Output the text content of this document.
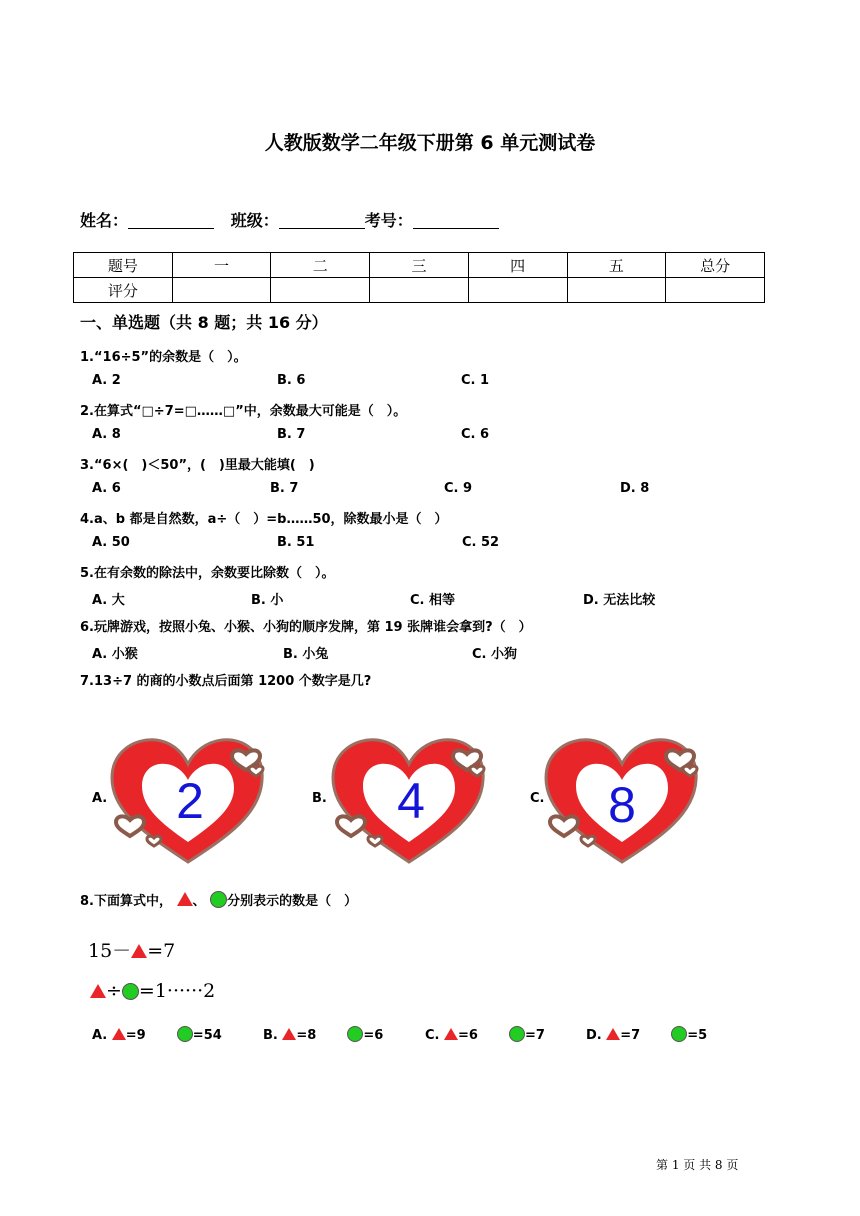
人教版数学二年级下册第 6 单元测试卷
姓名：	班级：	考号：
题号	一	二	三	四	五	总分
评分						
一、单选题（共 8 题；共 16 分）
1.“16÷5”的余数是（　）。
A. 2	B. 6	C. 1
2.在算式“□÷7=□……□”中，余数最大可能是（　）。
A. 8	B. 7	C. 6
3.“6×(　)＜50”，(　)里最大能填(　)
A. 6	B. 7	C. 9	D. 8
4.a、b 都是自然数，a÷（　）=b……50，除数最小是（　）
A. 50	B. 51	C. 52
5.在有余数的除法中，余数要比除数（　）。
A. 大	B. 小	C. 相等	D. 无法比较
6.玩牌游戏，按照小兔、小猴、小狗的顺序发牌，第 19 张牌谁会拿到?（　）
A. 小猴	B. 小兔	C. 小狗
7.13÷7 的商的小数点后面第 1200 个数字是几?
A. 2	B. 4	C. 8
8.下面算式中， 、 分别表示的数是（　）
15－ =7
÷ =1······2
A. =9	=54	B. =8	=6	C. =6	=7	D. =7	=5
第 1 页 共 8 页
